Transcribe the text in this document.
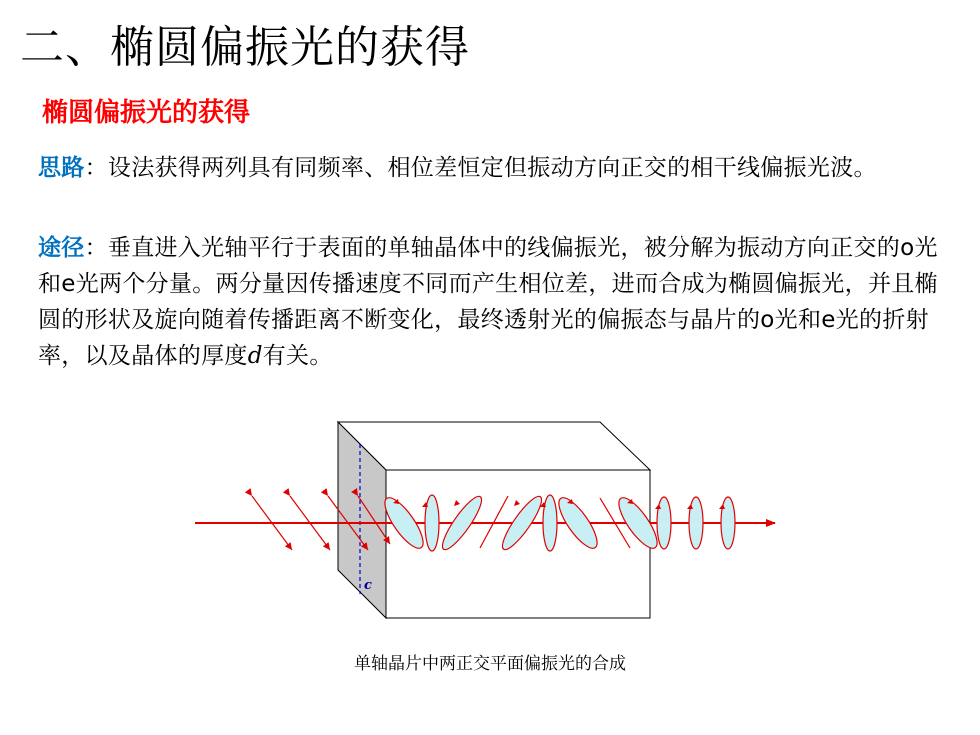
二、椭圆偏振光的获得
椭圆偏振光的获得
思路：设法获得两列具有同频率、相位差恒定但振动方向正交的相干线偏振光波。
途径：垂直进入光轴平行于表面的单轴晶体中的线偏振光，被分解为振动方向正交的o光和e光两个分量。两分量因传播速度不同而产生相位差，进而合成为椭圆偏振光，并且椭圆的形状及旋向随着传播距离不断变化，最终透射光的偏振态与晶片的o光和e光的折射率，以及晶体的厚度d有关。
c
单轴晶片中两正交平面偏振光的合成
